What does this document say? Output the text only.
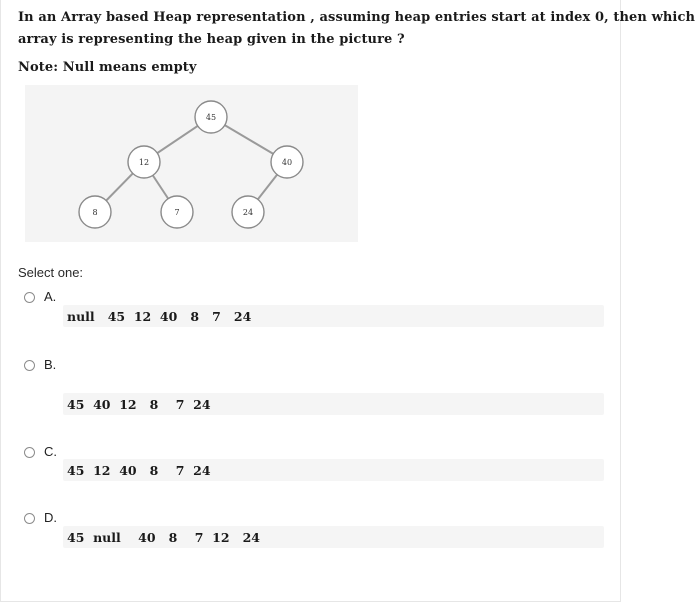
In an Array based Heap representation , assuming heap entries start at index 0, then which
array is representing the heap given in the picture ?
Note: Null means empty
45
12	40
8	7	24
Select one:
A.
null   45  12  40   8   7   24
B.
45  40  12   8    7  24
C.
45  12  40   8    7  24
D.
45  null    40   8    7  12   24
